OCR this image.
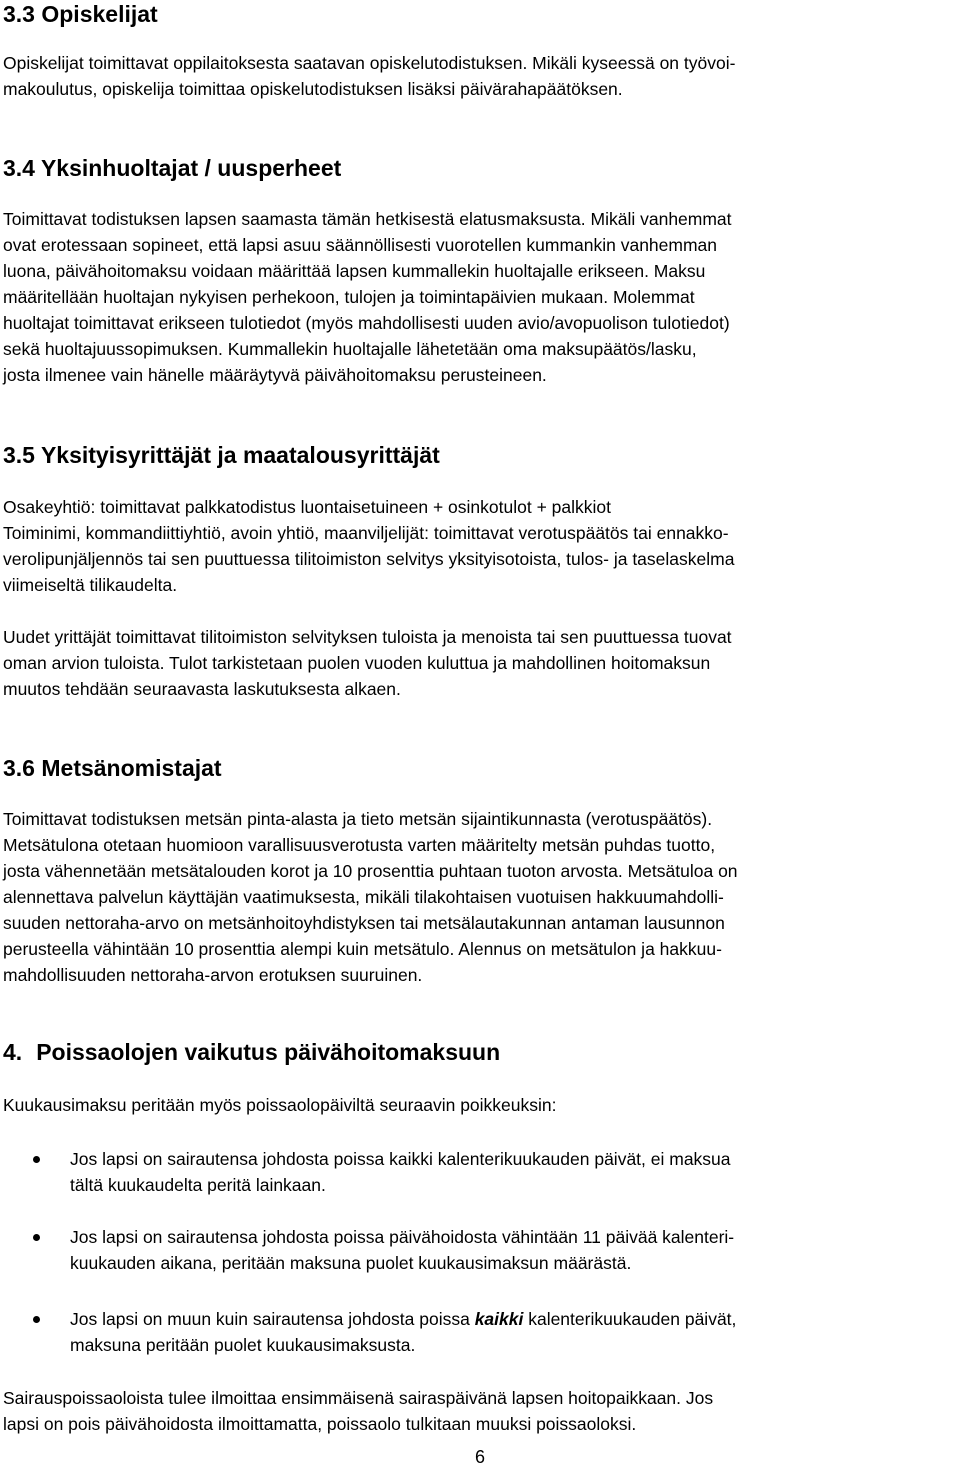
3.3 Opiskelijat

Opiskelijat toimittavat oppilaitoksesta saatavan opiskelutodistuksen. Mikäli kyseessä on työvoi-

makoulutus, opiskelija toimittaa opiskelutodistuksen lisäksi päivärahapäätöksen.

3.4 Yksinhuoltajat / uusperheet

Toimittavat todistuksen lapsen saamasta tämän hetkisestä elatusmaksusta. Mikäli vanhemmat

ovat erotessaan sopineet, että lapsi asuu säännöllisesti vuorotellen kummankin vanhemman

luona, päivähoitomaksu voidaan määrittää lapsen kummallekin huoltajalle erikseen. Maksu

määritellään huoltajan nykyisen perhekoon, tulojen ja toimintapäivien mukaan. Molemmat

huoltajat toimittavat erikseen tulotiedot (myös mahdollisesti uuden avio/avopuolison tulotiedot)

sekä huoltajuussopimuksen. Kummallekin huoltajalle lähetetään oma maksupäätös/lasku,

josta ilmenee vain hänelle määräytyvä päivähoitomaksu perusteineen.

3.5 Yksityisyrittäjät ja maatalousyrittäjät

Osakeyhtiö: toimittavat palkkatodistus luontaisetuineen + osinkotulot + palkkiot

Toiminimi, kommandiittiyhtiö, avoin yhtiö, maanviljelijät: toimittavat verotuspäätös tai ennakko-

verolipunjäljennös tai sen puuttuessa tilitoimiston selvitys yksityisotoista, tulos- ja taselaskelma

viimeiseltä tilikaudelta.

Uudet yrittäjät toimittavat tilitoimiston selvityksen tuloista ja menoista tai sen puuttuessa tuovat

oman arvion tuloista. Tulot tarkistetaan puolen vuoden kuluttua ja mahdollinen hoitomaksun

muutos tehdään seuraavasta laskutuksesta alkaen.

3.6 Metsänomistajat

Toimittavat todistuksen metsän pinta-alasta ja tieto metsän sijaintikunnasta (verotuspäätös).

Metsätulona otetaan huomioon varallisuusverotusta varten määritelty metsän puhdas tuotto,

josta vähennetään metsätalouden korot ja 10 prosenttia puhtaan tuoton arvosta. Metsätuloa on

alennettava palvelun käyttäjän vaatimuksesta, mikäli tilakohtaisen vuotuisen hakkuumahdolli-

suuden nettoraha-arvo on metsänhoitoyhdistyksen tai metsälautakunnan antaman lausunnon

perusteella vähintään 10 prosenttia alempi kuin metsätulo. Alennus on metsätulon ja hakkuu-

mahdollisuuden nettoraha-arvon erotuksen suuruinen.

4. Poissaolojen vaikutus päivähoitomaksuun

Kuukausimaksu peritään myös poissaolopäiviltä seuraavin poikkeuksin:

Jos lapsi on sairautensa johdosta poissa kaikki kalenterikuukauden päivät, ei maksua
tältä kuukaudelta peritä lainkaan.
Jos lapsi on sairautensa johdosta poissa päivähoidosta vähintään 11 päivää kalenteri-
kuukauden aikana, peritään maksuna puolet kuukausimaksun määrästä.
Jos lapsi on muun kuin sairautensa johdosta poissa kaikki kalenterikuukauden päivät,
maksuna peritään puolet kuukausimaksusta.

Sairauspoissaoloista tulee ilmoittaa ensimmäisenä sairaspäivänä lapsen hoitopaikkaan. Jos

lapsi on pois päivähoidosta ilmoittamatta, poissaolo tulkitaan muuksi poissaoloksi.

6
